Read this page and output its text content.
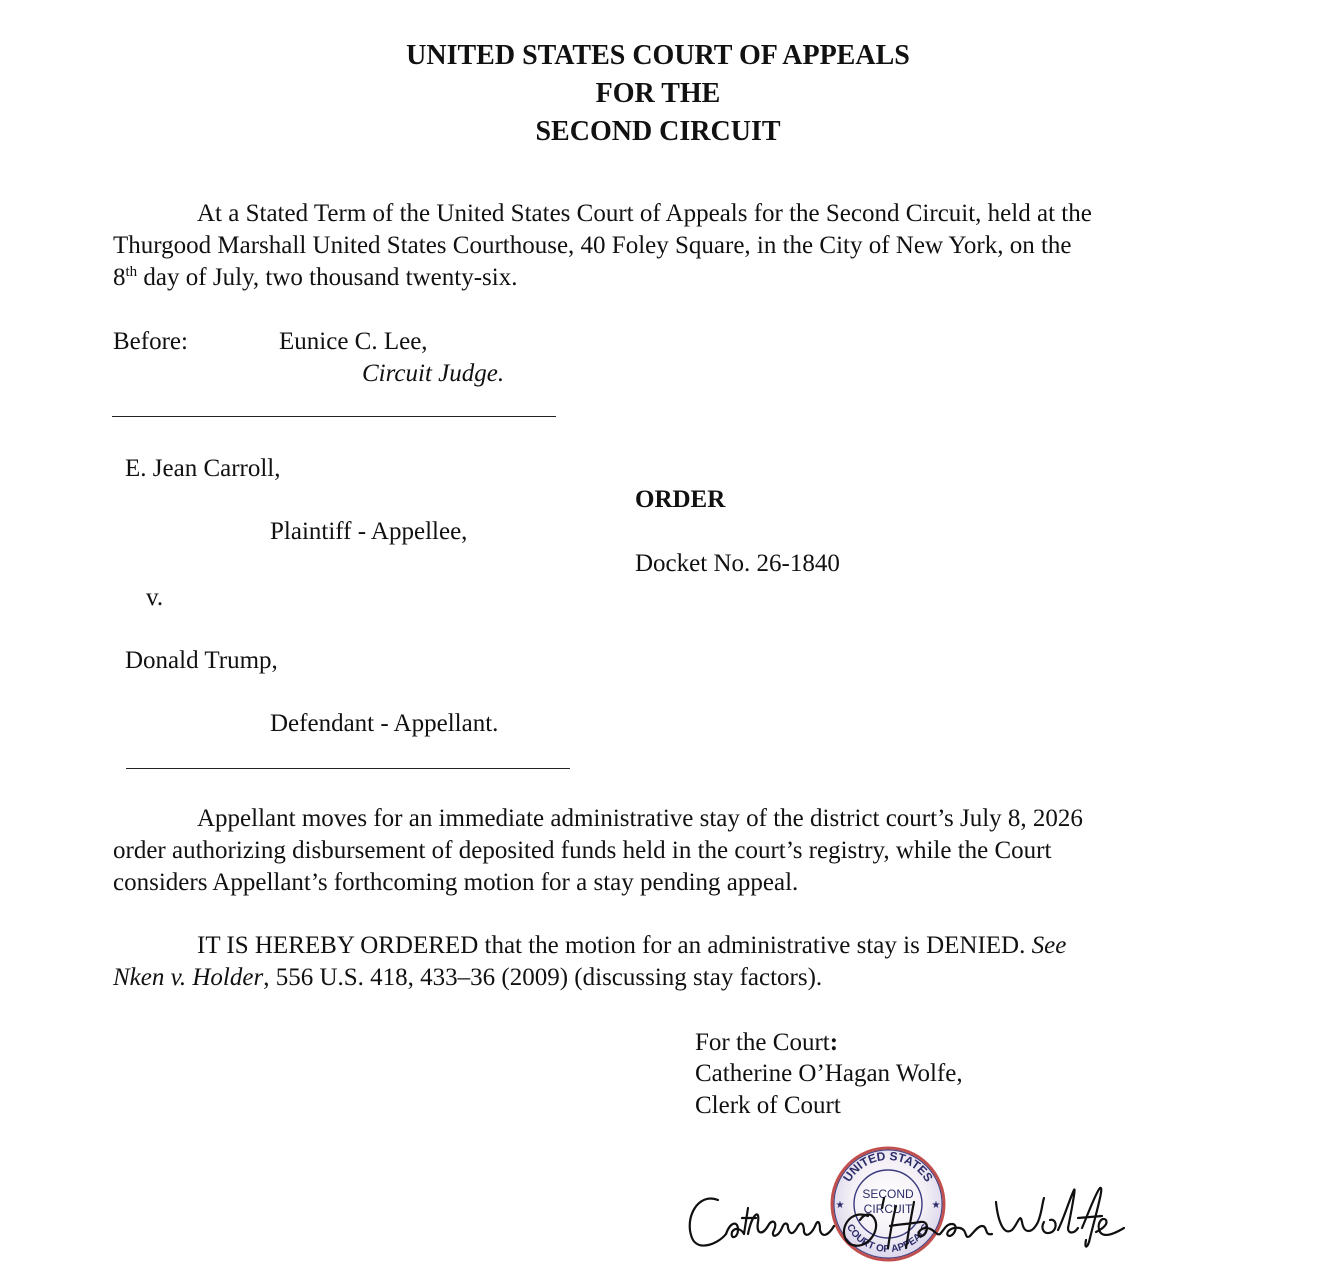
UNITED STATES COURT OF APPEALS
FOR THE
SECOND CIRCUIT
At a Stated Term of the United States Court of Appeals for the Second Circuit, held at the
Thurgood Marshall United States Courthouse, 40 Foley Square, in the City of New York, on the
8th day of July, two thousand twenty-six.
Before:	Eunice C. Lee,
Circuit Judge.
E. Jean Carroll,
Plaintiff - Appellee,
v.
Donald Trump,
Defendant - Appellant.
ORDER
Docket No. 26-1840
Appellant moves for an immediate administrative stay of the district court’s July 8, 2026
order authorizing disbursement of deposited funds held in the court’s registry, while the Court
considers Appellant’s forthcoming motion for a stay pending appeal.
IT IS HEREBY ORDERED that the motion for an administrative stay is DENIED. See
Nken v. Holder, 556 U.S. 418, 433–36 (2009) (discussing stay factors).
For the Court:
Catherine O’Hagan Wolfe,
Clerk of Court
UNITED STATES
COURT OF APPEALS
SECOND
CIRCUIT
★	★
